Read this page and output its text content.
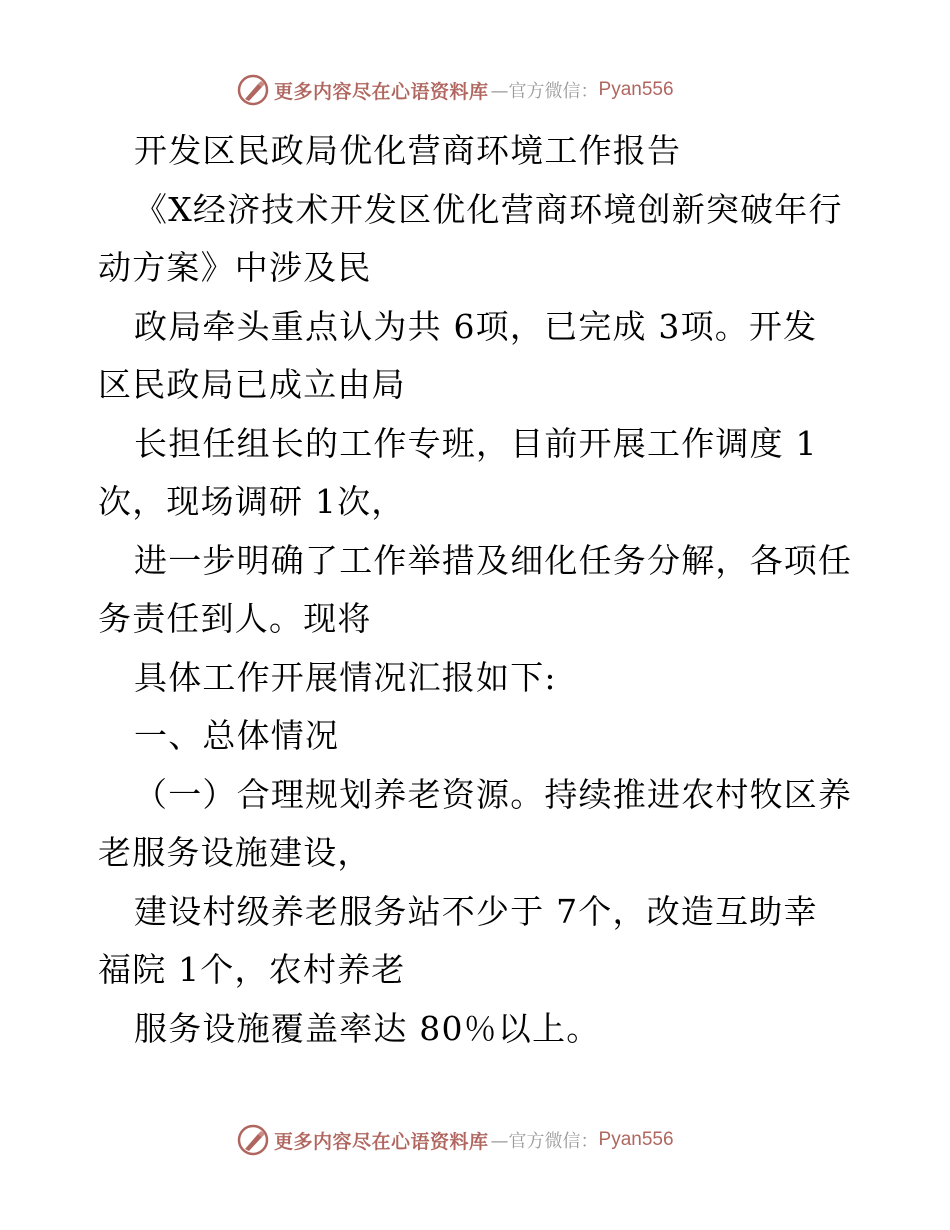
更多内容尽在心语资料库 —官方微信： Pyan556
开发区民政局优化营商环境工作报告
《X经济技术开发区优化营商环境创新突破年行
动方案》中涉及民
政局牵头重点认为共 6项，已完成 3项。开发
区民政局已成立由局
长担任组长的工作专班，目前开展工作调度 1
次，现场调研 1次，
进一步明确了工作举措及细化任务分解，各项任
务责任到人。现将
具体工作开展情况汇报如下:
一、总体情况
（一）合理规划养老资源。持续推进农村牧区养
老服务设施建设，
建设村级养老服务站不少于 7个，改造互助幸
福院 1个，农村养老
服务设施覆盖率达 80％以上。
更多内容尽在心语资料库 —官方微信： Pyan556
